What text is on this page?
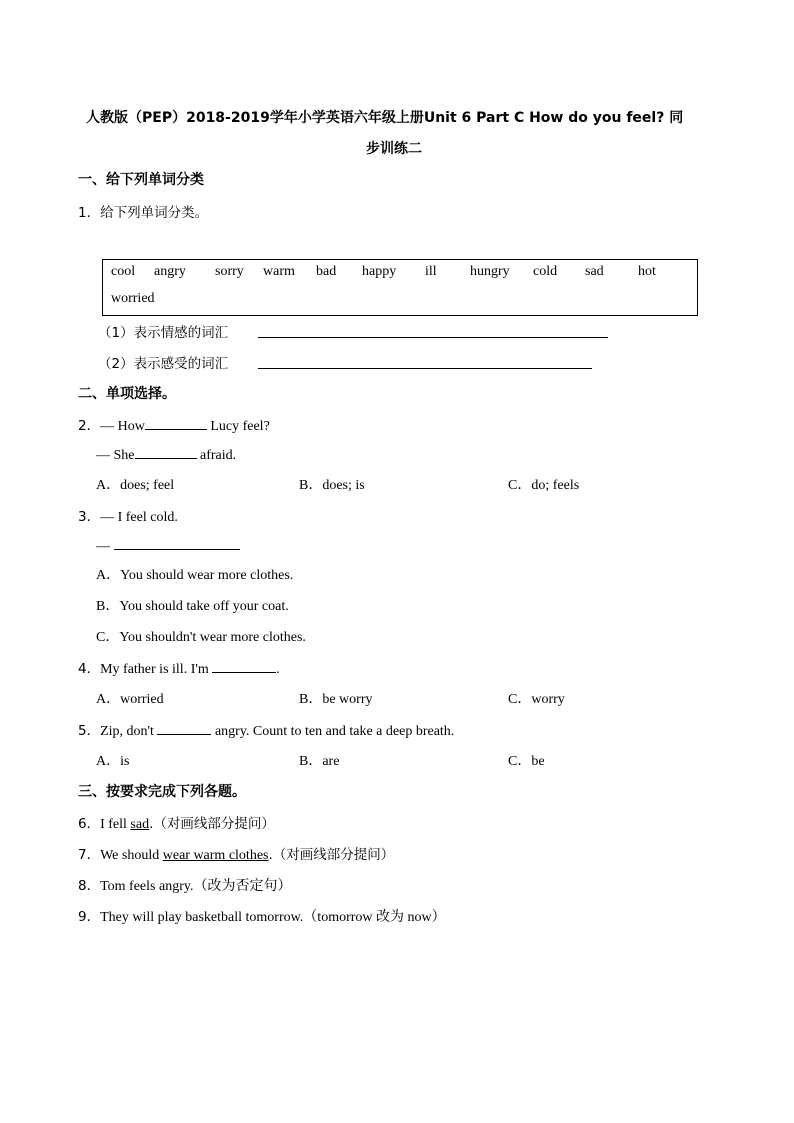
人教版（PEP）2018-2019学年小学英语六年级上册Unit 6 Part C How do you feel? 同
步训练二
一、给下列单词分类
1．给下列单词分类。
cool angry sorry warm bad happy ill hungry cold sad hot
worried
（1）表示情感的词汇
（2）表示感受的词汇
二、单项选择。
2．— How	Lucy feel?
— She	afraid.
A．does; feel	B．does; is	C．do; feels
3．— I feel cold.
—
A．You should wear more clothes.
B．You should take off your coat.
C．You shouldn't wear more clothes.
4．My father is ill. I'm	.
A．worried	B．be worry	C．worry
5．Zip, don't	angry. Count to ten and take a deep breath.
A．is	B．are	C．be
三、按要求完成下列各题。
6．I fell sad.（对画线部分提问）
7．We should wear warm clothes.（对画线部分提问）
8．Tom feels angry.（改为否定句）
9．They will play basketball tomorrow.（tomorrow 改为 now）
